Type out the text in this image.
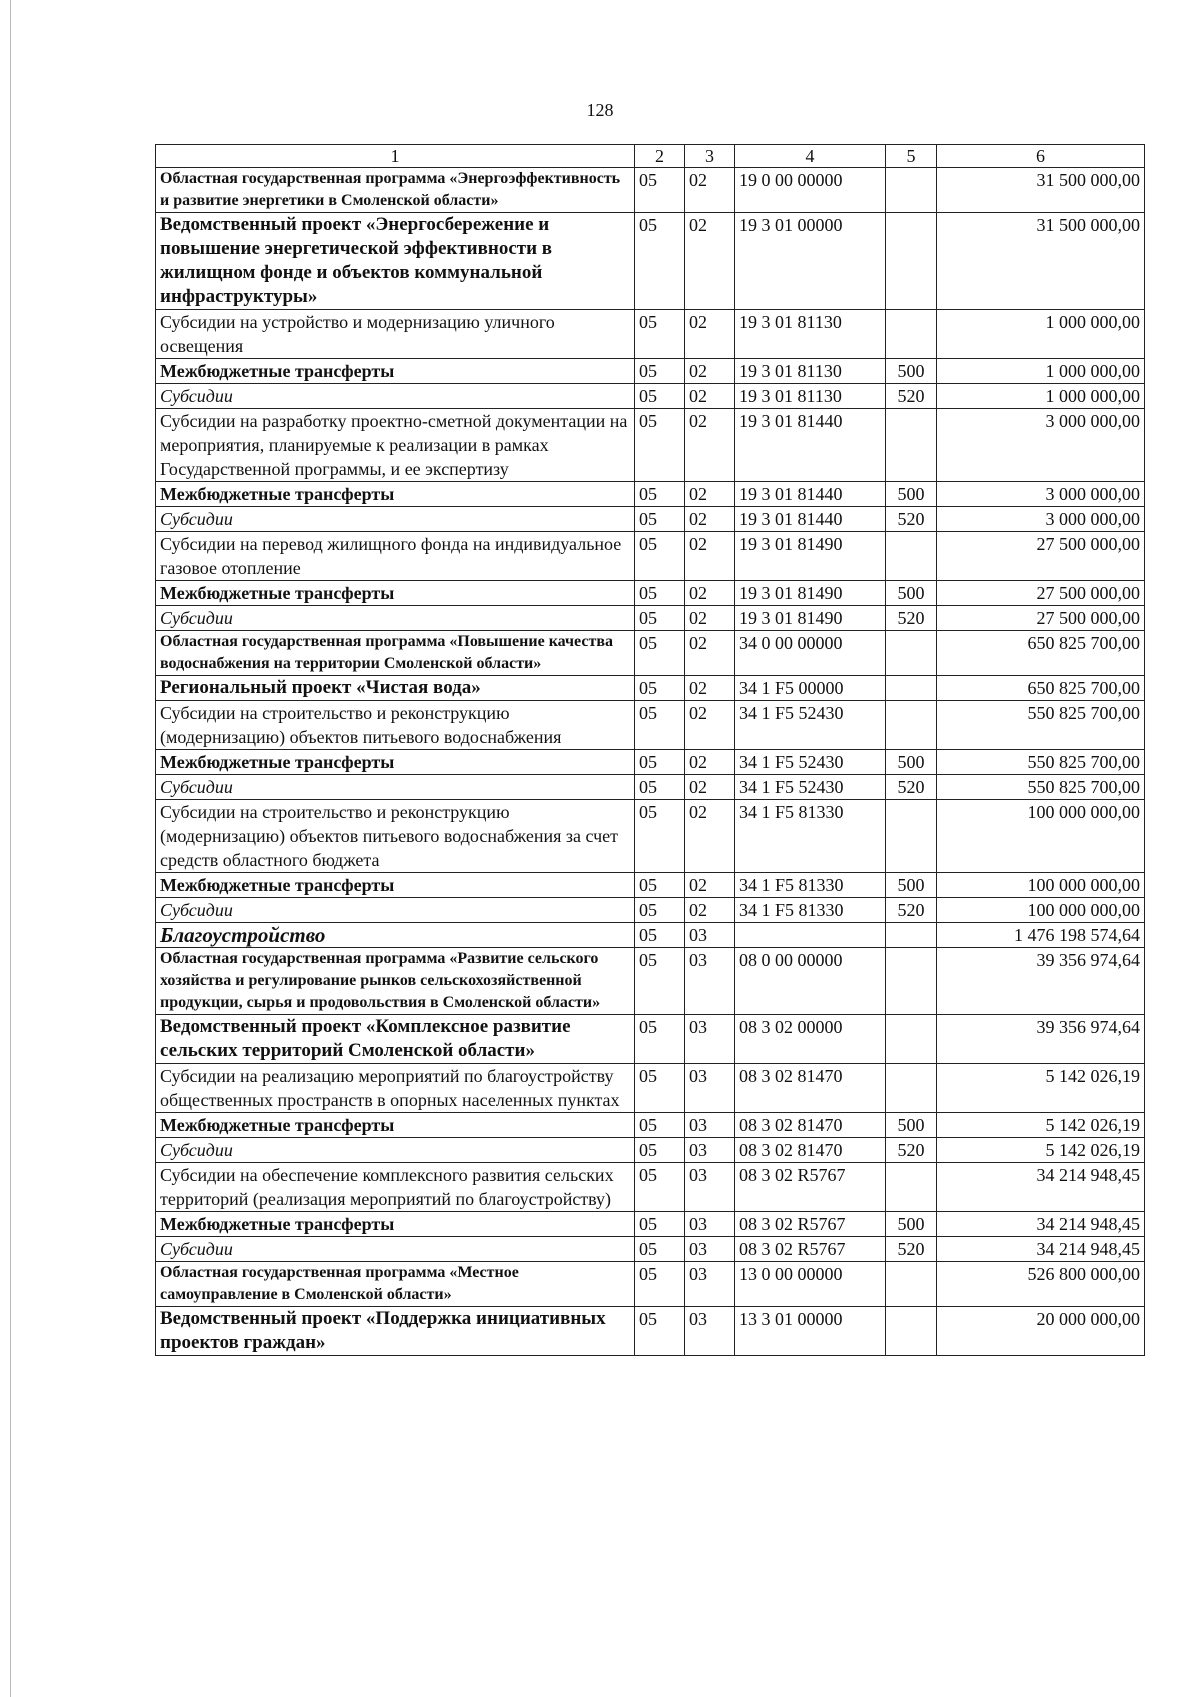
128
1	2	3	4	5	6
Областная государственная программа «Энергоэффективность и развитие энергетики в Смоленской области»	05	02	19 0 00 00000		31 500 000,00
Ведомственный проект «Энергосбережение и повышение энергетической эффективности в жилищном фонде и объектов коммунальной инфраструктуры»	05	02	19 3 01 00000		31 500 000,00
Субсидии на устройство и модернизацию уличного освещения	05	02	19 3 01 81130		1 000 000,00
Межбюджетные трансферты	05	02	19 3 01 81130	500	1 000 000,00
Субсидии	05	02	19 3 01 81130	520	1 000 000,00
Субсидии на разработку проектно-сметной документации на мероприятия, планируемые к реализации в рамках Государственной программы, и ее экспертизу	05	02	19 3 01 81440		3 000 000,00
Межбюджетные трансферты	05	02	19 3 01 81440	500	3 000 000,00
Субсидии	05	02	19 3 01 81440	520	3 000 000,00
Субсидии на перевод жилищного фонда на индивидуальное газовое отопление	05	02	19 3 01 81490		27 500 000,00
Межбюджетные трансферты	05	02	19 3 01 81490	500	27 500 000,00
Субсидии	05	02	19 3 01 81490	520	27 500 000,00
Областная государственная программа «Повышение качества водоснабжения на территории Смоленской области»	05	02	34 0 00 00000		650 825 700,00
Региональный проект «Чистая вода»	05	02	34 1 F5 00000		650 825 700,00
Субсидии на строительство и реконструкцию (модернизацию) объектов питьевого водоснабжения	05	02	34 1 F5 52430		550 825 700,00
Межбюджетные трансферты	05	02	34 1 F5 52430	500	550 825 700,00
Субсидии	05	02	34 1 F5 52430	520	550 825 700,00
Субсидии на строительство и реконструкцию (модернизацию) объектов питьевого водоснабжения за счет средств областного бюджета	05	02	34 1 F5 81330		100 000 000,00
Межбюджетные трансферты	05	02	34 1 F5 81330	500	100 000 000,00
Субсидии	05	02	34 1 F5 81330	520	100 000 000,00
Благоустройство	05	03			1 476 198 574,64
Областная государственная программа «Развитие сельского хозяйства и регулирование рынков сельскохозяйственной продукции, сырья и продовольствия в Смоленской области»	05	03	08 0 00 00000		39 356 974,64
Ведомственный проект «Комплексное развитие сельских территорий Смоленской области»	05	03	08 3 02 00000		39 356 974,64
Субсидии на реализацию мероприятий по благоустройству общественных пространств в опорных населенных пунктах	05	03	08 3 02 81470		5 142 026,19
Межбюджетные трансферты	05	03	08 3 02 81470	500	5 142 026,19
Субсидии	05	03	08 3 02 81470	520	5 142 026,19
Субсидии на обеспечение комплексного развития сельских территорий (реализация мероприятий по благоустройству)	05	03	08 3 02 R5767		34 214 948,45
Межбюджетные трансферты	05	03	08 3 02 R5767	500	34 214 948,45
Субсидии	05	03	08 3 02 R5767	520	34 214 948,45
Областная государственная программа «Местное самоуправление в Смоленской области»	05	03	13 0 00 00000		526 800 000,00
Ведомственный проект «Поддержка инициативных проектов граждан»	05	03	13 3 01 00000		20 000 000,00
